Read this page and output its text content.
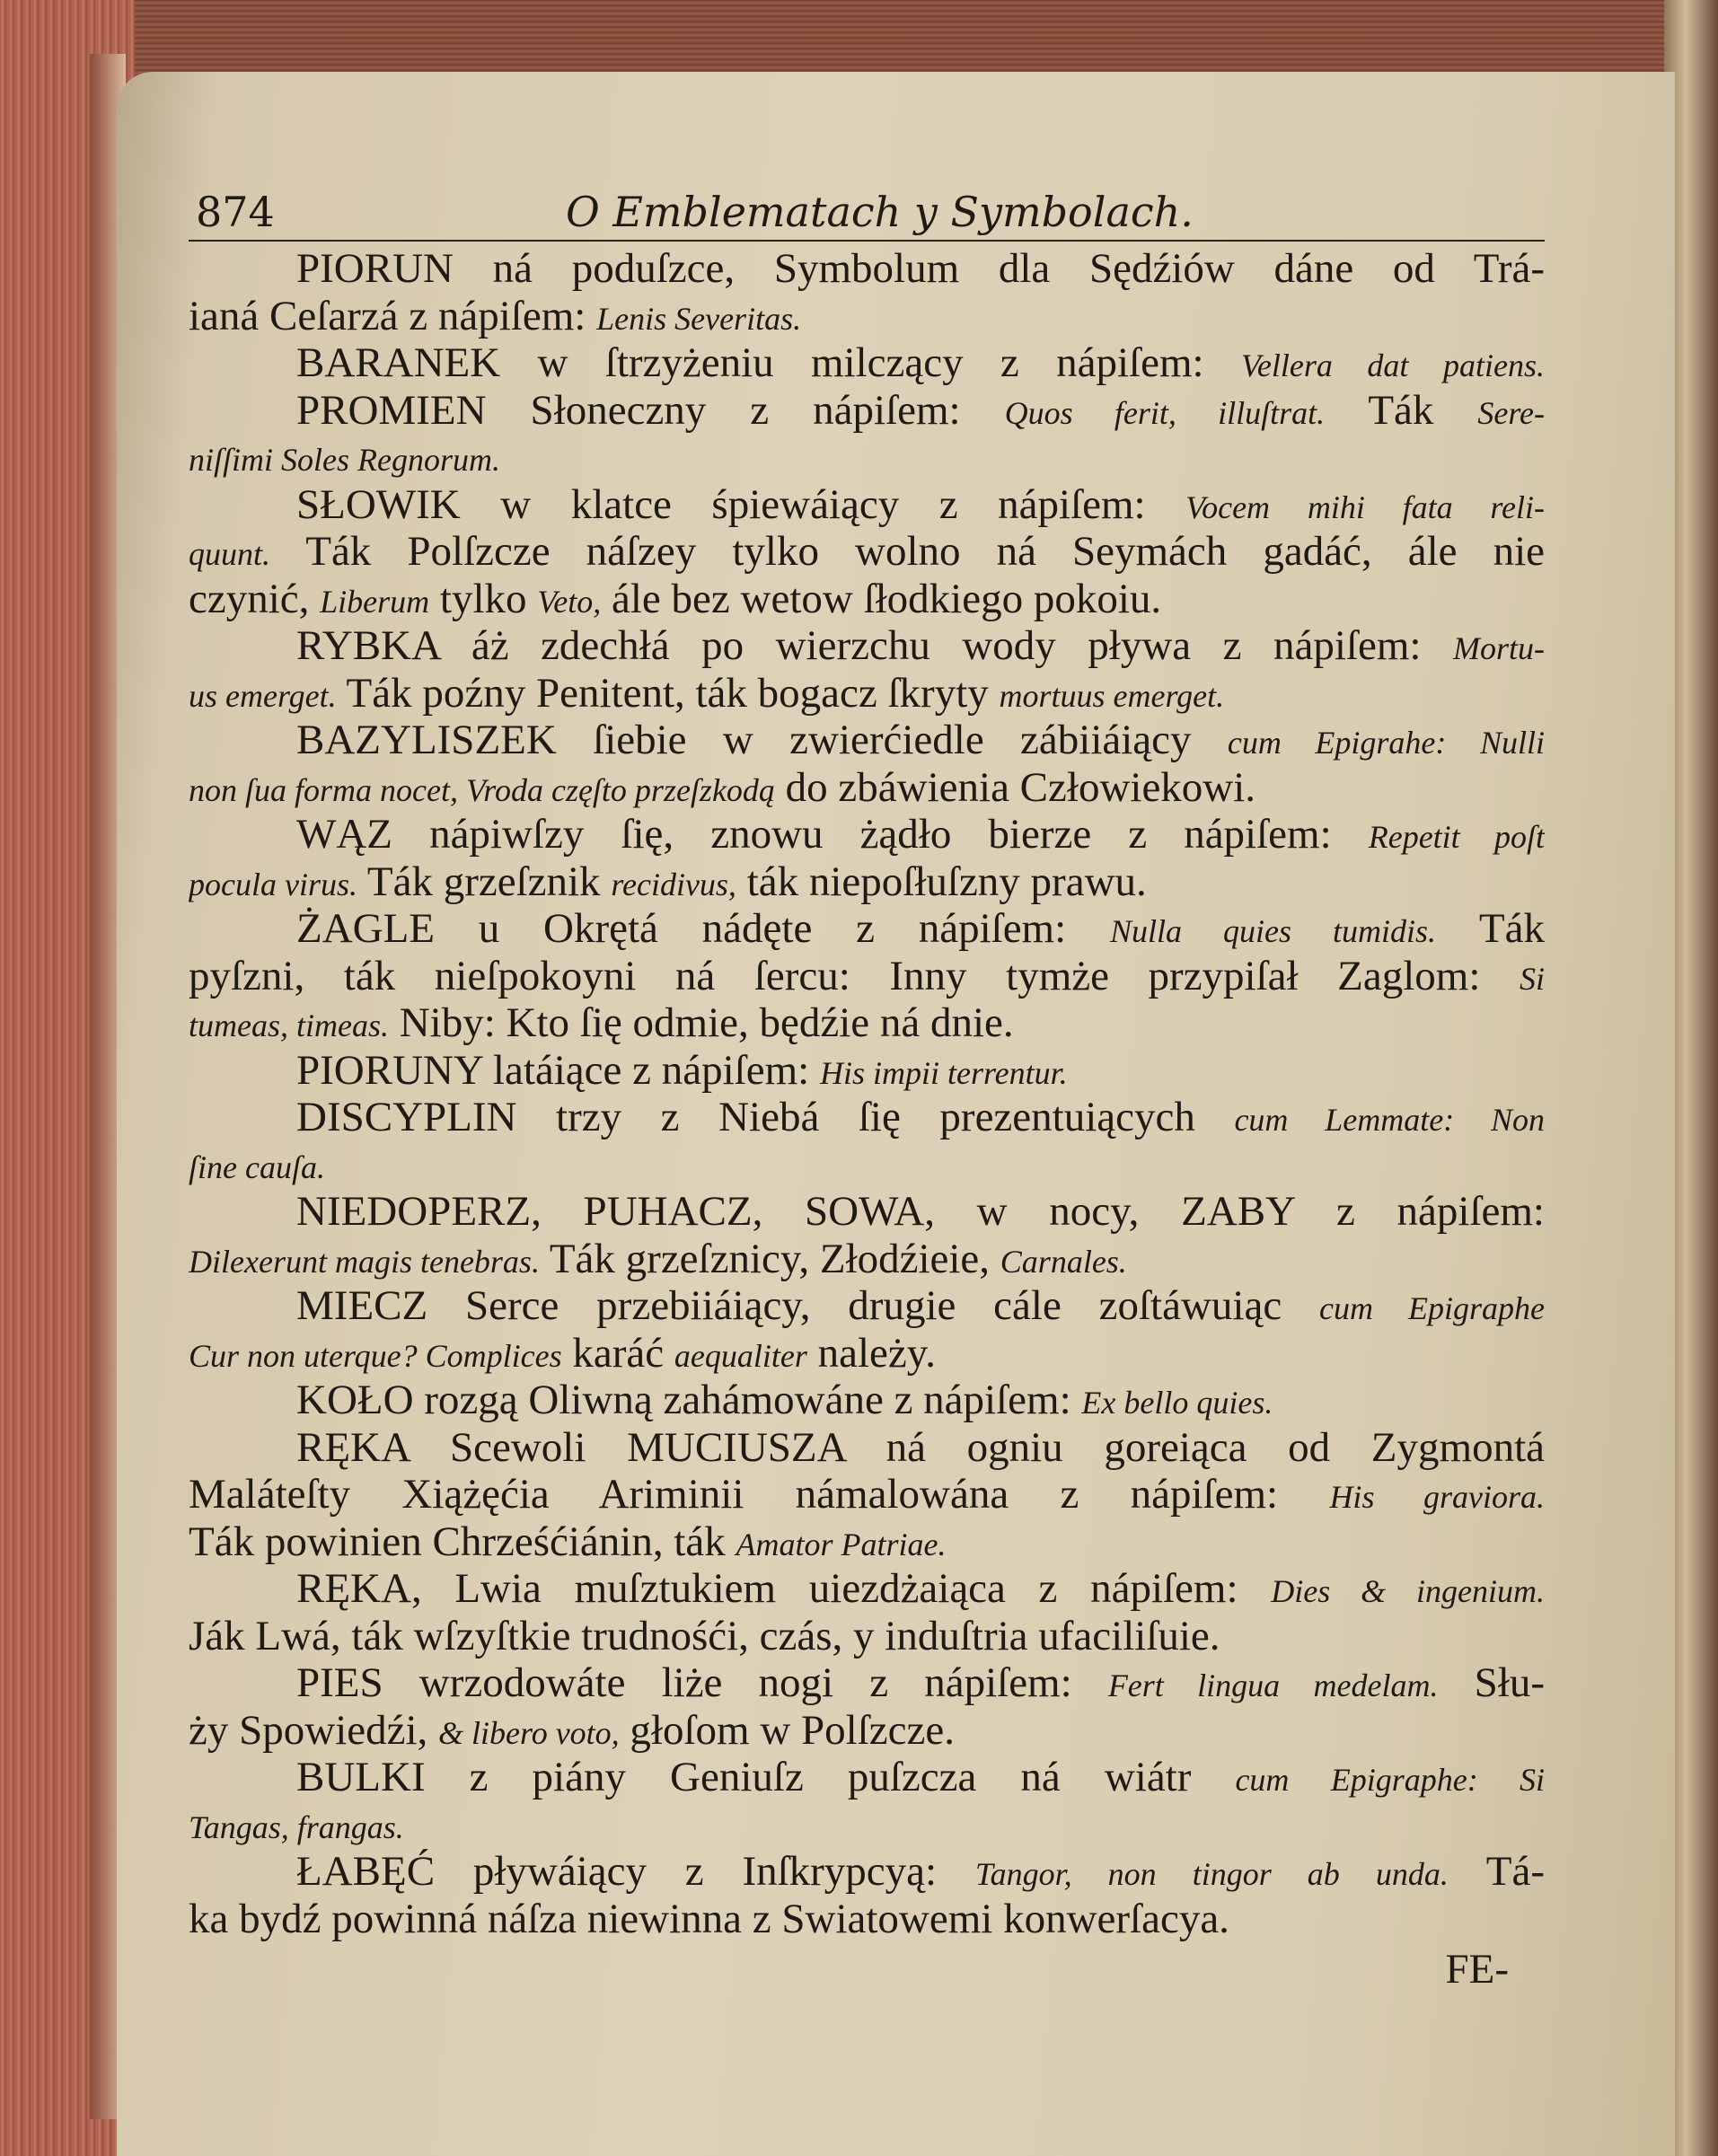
874	O Emblematach y Symbolach.
PIORUN ná poduſzce, Symbolum dla Sędźiów dáne od Trá-
ianá Ceſarzá z nápiſem: Lenis Severitas.
BARANEK w ſtrzyżeniu milczący z nápiſem: Vellera dat patiens.
PROMIEN Słoneczny z nápiſem: Quos ferit, illuſtrat. Ták Sere-
niſſimi Soles Regnorum.
SŁOWIK w klatce śpiewáiący z nápiſem: Vocem mihi fata reli-
quunt. Ták Polſzcze náſzey tylko wolno ná Seymách gadáć, ále nie
czynić, Liberum tylko Veto, ále bez wetow ſłodkiego pokoiu.
RYBKA áż zdechłá po wierzchu wody pływa z nápiſem: Mortu-
us emerget. Ták poźny Penitent, ták bogacz ſkryty mortuus emerget.
BAZYLISZEK ſiebie w zwierćiedle zábiiáiący cum Epigrahe: Nulli
non ſua forma nocet, Vroda częſto przeſzkodą do zbáwienia Człowiekowi.
WĄZ nápiwſzy ſię, znowu żądło bierze z nápiſem: Repetit poſt
pocula virus. Ták grzeſznik recidivus, ták niepoſłuſzny prawu.
ŻAGLE u Okrętá nádęte z nápiſem: Nulla quies tumidis. Ták
pyſzni, ták nieſpokoyni ná ſercu: Inny tymże przypiſał Zaglom: Si
tumeas, timeas. Niby: Kto ſię odmie, będźie ná dnie.
PIORUNY latáiące z nápiſem: His impii terrentur.
DISCYPLIN trzy z Niebá ſię prezentuiących cum Lemmate: Non
ſine cauſa.
NIEDOPERZ, PUHACZ, SOWA, w nocy, ZABY z nápiſem:
Dilexerunt magis tenebras. Ták grzeſznicy, Złodźieie, Carnales.
MIECZ Serce przebiiáiący, drugie cále zoſtáwuiąc cum Epigraphe
Cur non uterque? Complices karáć aequaliter należy.
KOŁO rozgą Oliwną zahámowáne z nápiſem: Ex bello quies.
RĘKA Scewoli MUCIUSZA ná ogniu goreiąca od Zygmontá
Maláteſty Xiążęćia Ariminii námalowána z nápiſem: His graviora.
Ták powinien Chrześćiánin, ták Amator Patriae.
RĘKA, Lwia muſztukiem uiezdżaiąca z nápiſem: Dies & ingenium.
Ják Lwá, ták wſzyſtkie trudnośći, czás, y induſtria ufaciliſuie.
PIES wrzodowáte liże nogi z nápiſem: Fert lingua medelam. Słu-
ży Spowiedźi, & libero voto, głoſom w Polſzcze.
BULKI z piány Geniuſz puſzcza ná wiátr cum Epigraphe: Si
Tangas, frangas.
ŁABĘĆ pływáiący z Inſkrypcyą: Tangor, non tingor ab unda. Tá-
ka bydź powinná náſza niewinna z Swiatowemi konwerſacya.
FE-
